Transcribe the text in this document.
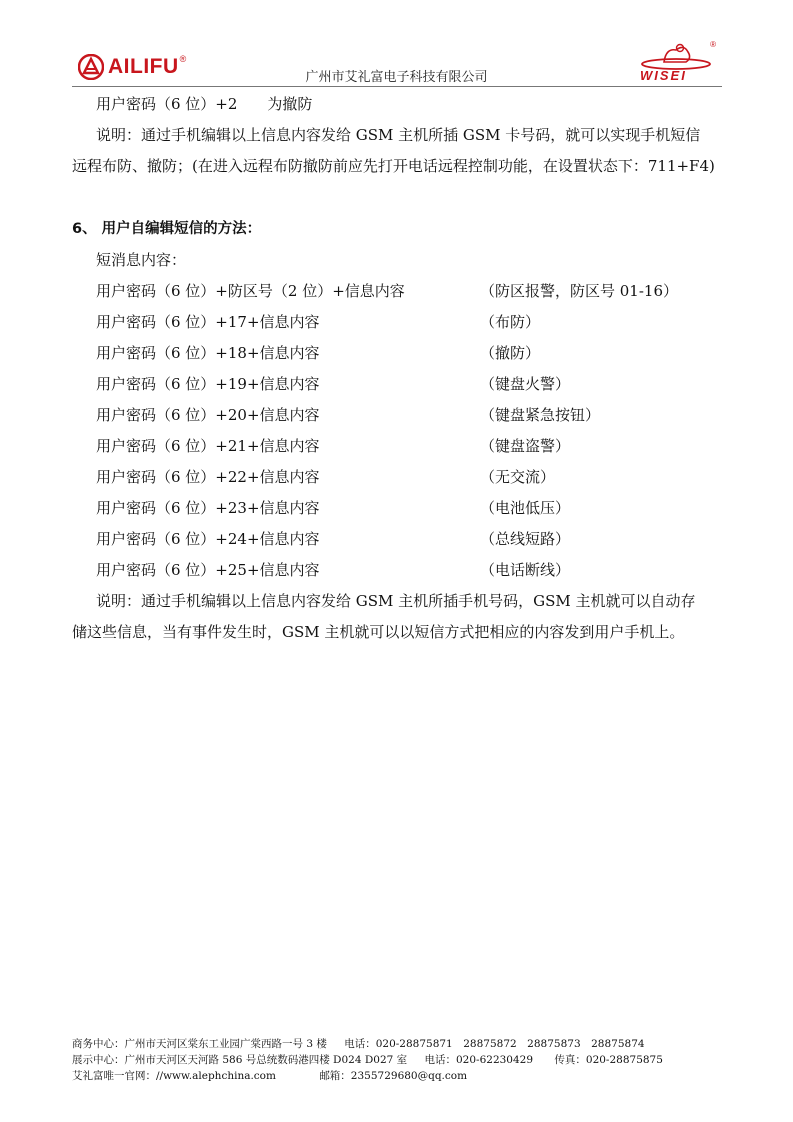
AILIFU ®
广州市艾礼富电子科技有限公司	WISEI
®
用户密码（6 位）+2　　为撤防
说明：通过手机编辑以上信息内容发给 GSM 主机所插 GSM 卡号码，就可以实现手机短信
远程布防、撤防；(在进入远程布防撤防前应先打开电话远程控制功能，在设置状态下：711+F4)
6、 用户自编辑短信的方法：
短消息内容：
用户密码（6 位）+防区号（2 位）+信息内容	（防区报警，防区号 01-16）
用户密码（6 位）+17+信息内容	（布防）
用户密码（6 位）+18+信息内容	（撤防）
用户密码（6 位）+19+信息内容	（键盘火警）
用户密码（6 位）+20+信息内容	（键盘紧急按钮）
用户密码（6 位）+21+信息内容	（键盘盗警）
用户密码（6 位）+22+信息内容	（无交流）
用户密码（6 位）+23+信息内容	（电池低压）
用户密码（6 位）+24+信息内容	（总线短路）
用户密码（6 位）+25+信息内容	（电话断线）
说明：通过手机编辑以上信息内容发给 GSM 主机所插手机号码，GSM 主机就可以自动存
储这些信息，当有事件发生时，GSM 主机就可以以短信方式把相应的内容发到用户手机上。
商务中心：广州市天河区棠东工业园广棠西路一号 3 楼 电话：020-28875871　28875872　28875873　28875874
展示中心：广州市天河区天河路 586 号总统数码港四楼 D024 D027 室 电话：020-62230429 传真：020-28875875
艾礼富唯一官网：//www.alephchina.com	邮箱：2355729680@qq.com
